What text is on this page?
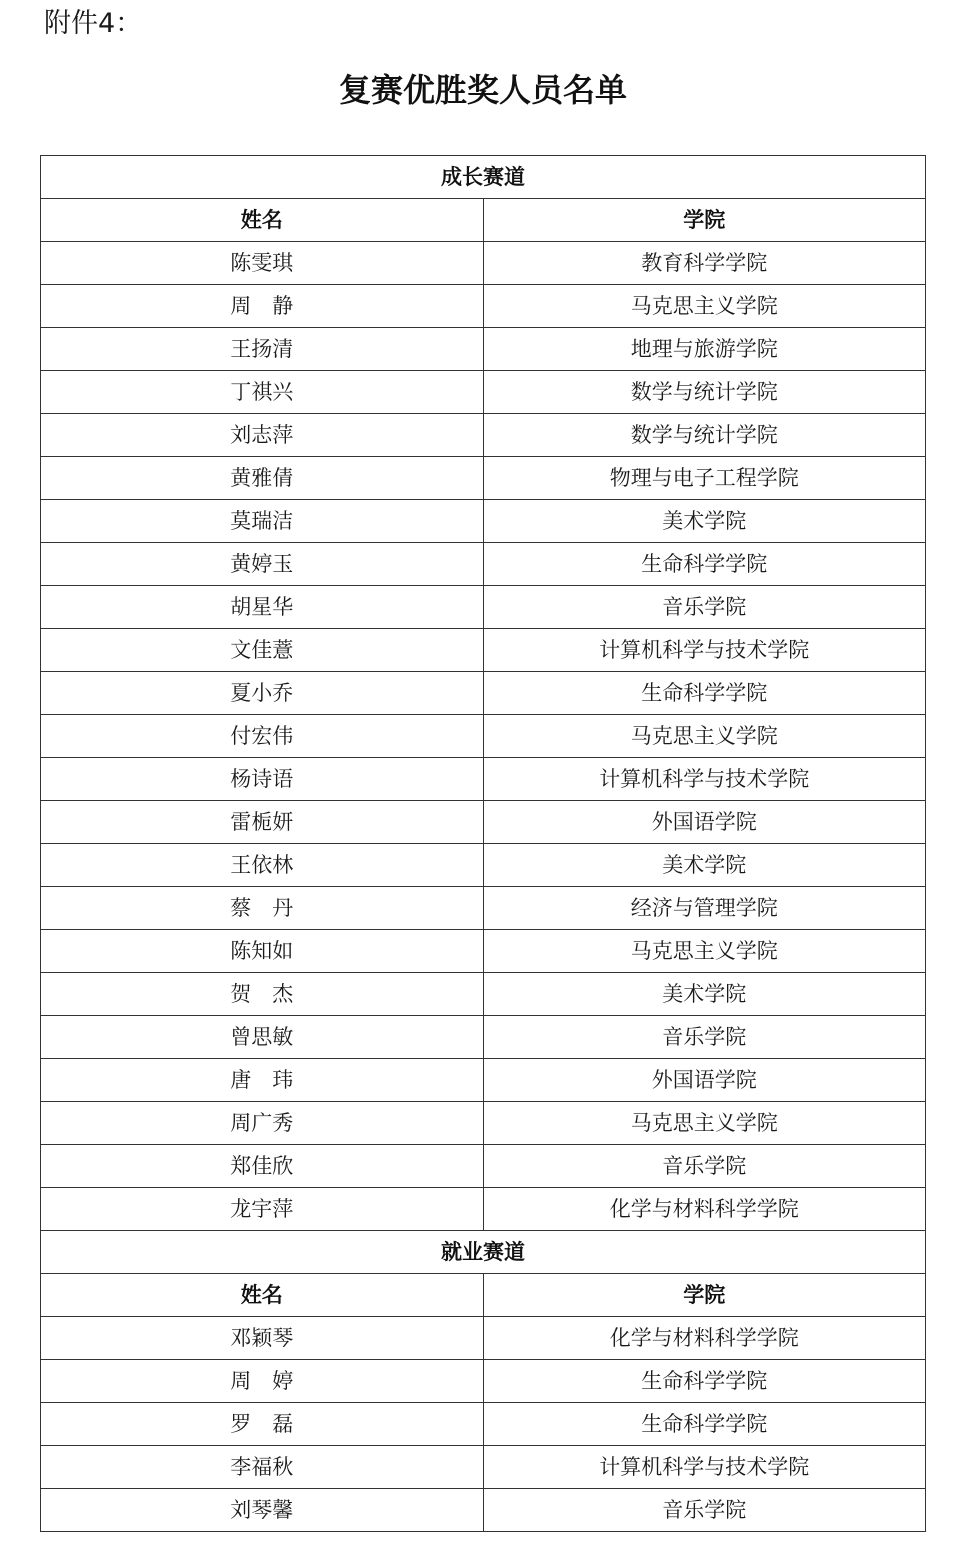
附件4：
复赛优胜奖人员名单
成长赛道	
姓名	学院
陈雯琪	教育科学学院
周　静	马克思主义学院
王扬清	地理与旅游学院
丁祺兴	数学与统计学院
刘志萍	数学与统计学院
黄雅倩	物理与电子工程学院
莫瑞洁	美术学院
黄婷玉	生命科学学院
胡星华	音乐学院
文佳薏	计算机科学与技术学院
夏小乔	生命科学学院
付宏伟	马克思主义学院
杨诗语	计算机科学与技术学院
雷栀妍	外国语学院
王依林	美术学院
蔡　丹	经济与管理学院
陈知如	马克思主义学院
贺　杰	美术学院
曾思敏	音乐学院
唐　玮	外国语学院
周广秀	马克思主义学院
郑佳欣	音乐学院
龙宇萍	化学与材料科学学院
就业赛道	
姓名	学院
邓颖琴	化学与材料科学学院
周　婷	生命科学学院
罗　磊	生命科学学院
李福秋	计算机科学与技术学院
刘琴馨	音乐学院
